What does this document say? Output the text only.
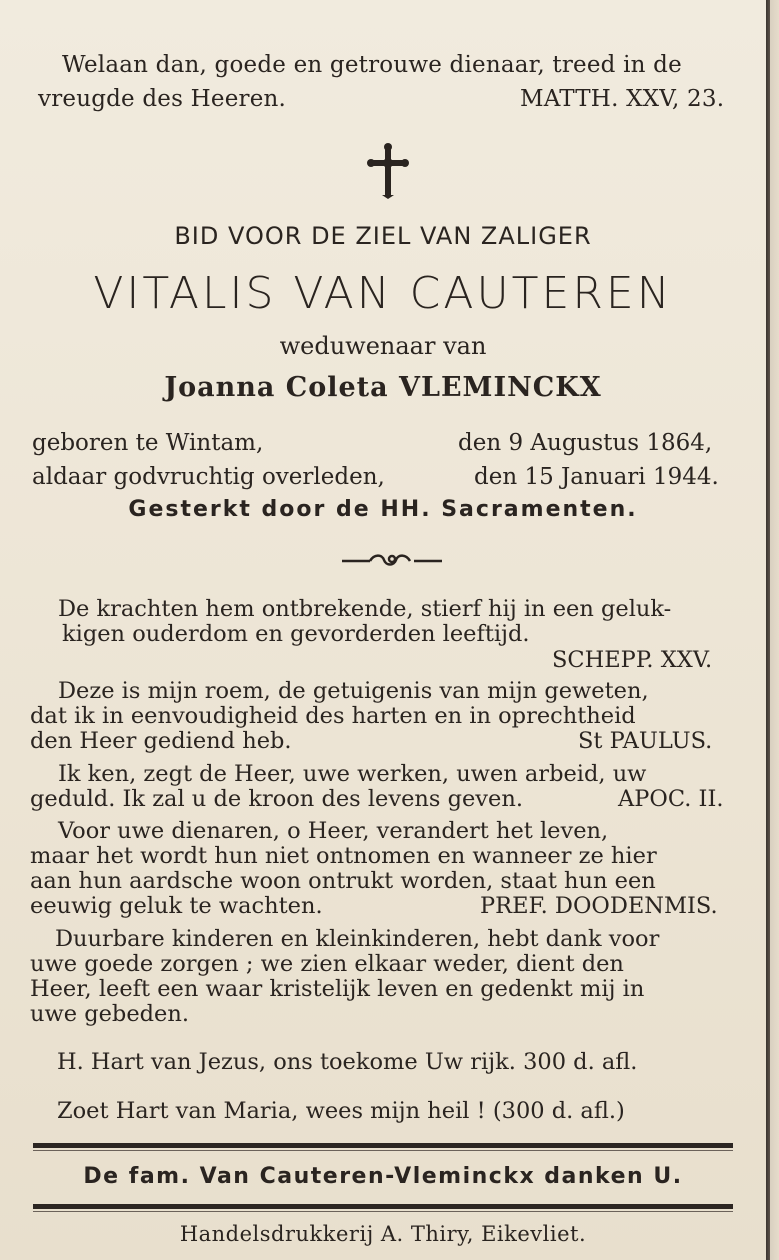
Welaan dan, goede en getrouwe dienaar, treed in de
vreugde des Heeren.	MATTH. XXV, 23.
BID VOOR DE ZIEL VAN ZALIGER
VITALIS VAN CAUTEREN
weduwenaar van
Joanna Coleta VLEMINCKX
geboren te Wintam,	den 9 Augustus 1864,
aldaar godvruchtig overleden,	den 15 Januari 1944.
Gesterkt door de HH. Sacramenten.
De krachten hem ontbrekende, stierf hij in een geluk-
kigen ouderdom en gevorderden leeftijd.
SCHEPP. XXV.
Deze is mijn roem, de getuigenis van mijn geweten,
dat ik in eenvoudigheid des harten en in oprechtheid
den Heer gediend heb.	St PAULUS.
Ik ken, zegt de Heer, uwe werken, uwen arbeid, uw
geduld. Ik zal u de kroon des levens geven.	APOC. II.
Voor uwe dienaren, o Heer, verandert het leven,
maar het wordt hun niet ontnomen en wanneer ze hier
aan hun aardsche woon ontrukt worden, staat hun een
eeuwig geluk te wachten.	PREF. DOODENMIS.
Duurbare kinderen en kleinkinderen, hebt dank voor
uwe goede zorgen ; we zien elkaar weder, dient den
Heer, leeft een waar kristelijk leven en gedenkt mij in
uwe gebeden.
H. Hart van Jezus, ons toekome Uw rijk. 300 d. afl.
Zoet Hart van Maria, wees mijn heil ! (300 d. afl.)
De fam. Van Cauteren-Vleminckx danken U.
Handelsdrukkerij A. Thiry, Eikevliet.
